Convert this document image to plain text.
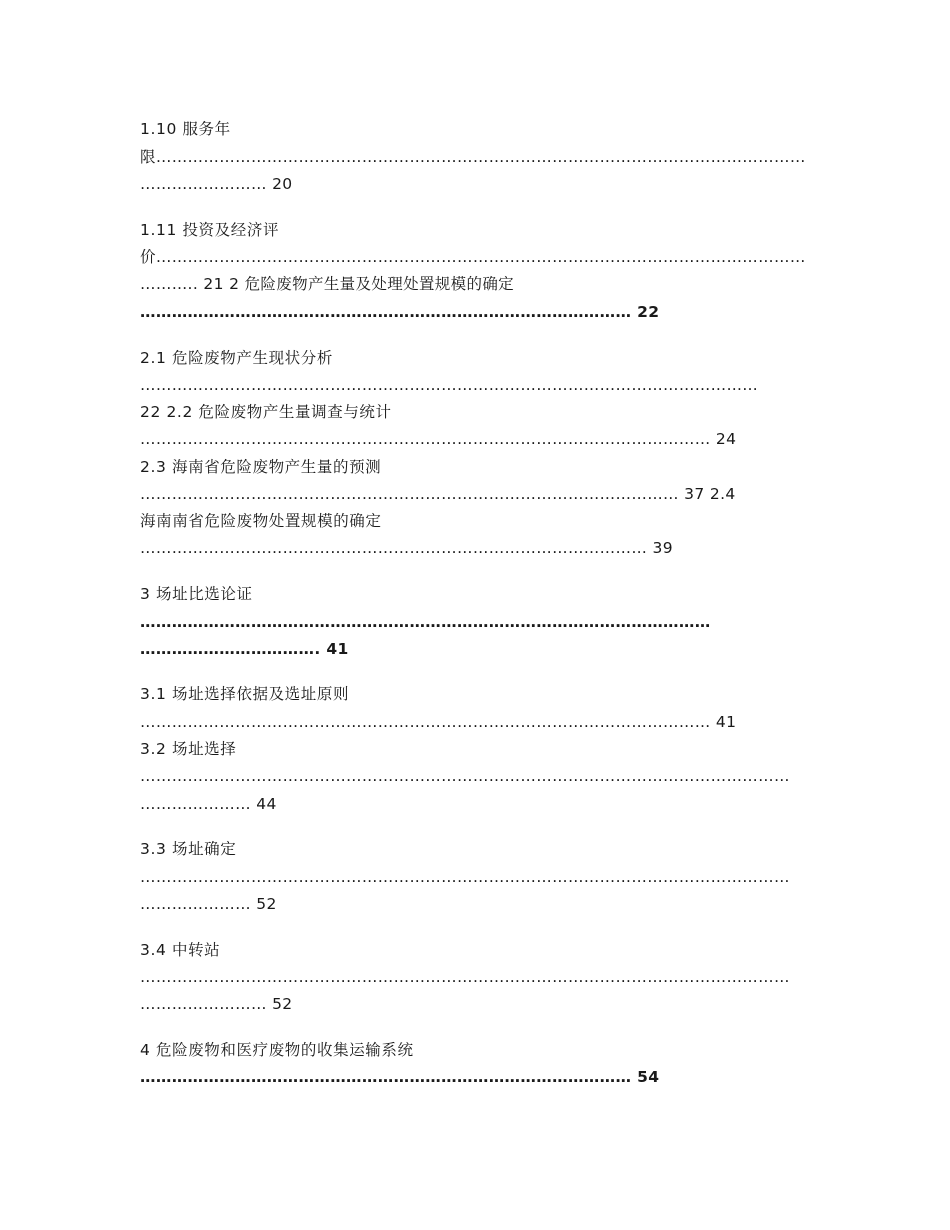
1.10 服务年
限……………………………………………………………………………………………………………
…………………… 20
1.11 投资及经济评
价……………………………………………………………………………………………………………
……….. 21 2 危险废物产生量及处理处置规模的确定
………………………………………………………………………………… 22
2.1 危险废物产生现状分析
………………………………………………………………………………………………………
22 2.2 危险废物产生量调查与统计
……………………………………………………………………………………………… 24
2.3 海南省危险废物产生量的预测
………………………………………………………………………………………… 37 2.4
海南南省危险废物处置规模的确定
…………………………………………………………………………………… 39
3 场址比选论证
………………………………………………………………………………………………
……………………………. 41
3.1 场址选择依据及选址原则
……………………………………………………………………………………………… 41
3.2 场址选择
……………………………………………………………………………………………………………
………………… 44
3.3 场址确定
……………………………………………………………………………………………………………
………………… 52
3.4 中转站
……………………………………………………………………………………………………………
…………………… 52
4 危险废物和医疗废物的收集运输系统
………………………………………………………………………………… 54
